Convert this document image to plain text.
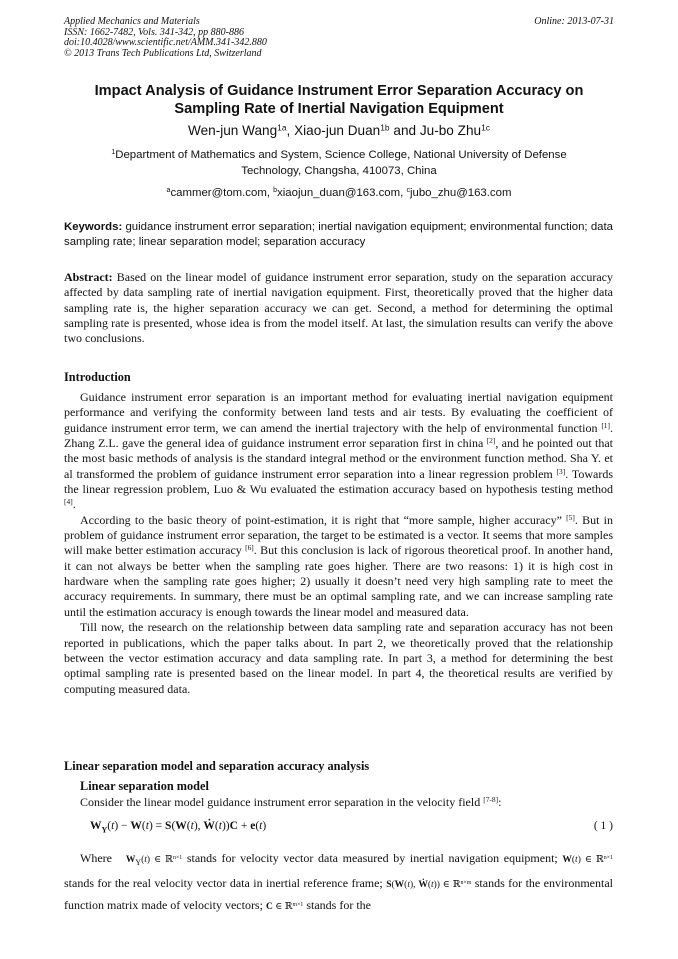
Applied Mechanics and Materials
ISSN: 1662-7482, Vols. 341-342, pp 880-886
doi:10.4028/www.scientific.net/AMM.341-342.880
© 2013 Trans Tech Publications Ltd, Switzerland
Online: 2013-07-31
Impact Analysis of Guidance Instrument Error Separation Accuracy on
Sampling Rate of Inertial Navigation Equipment
Wen-jun Wang$^{1a}$, Xiao-jun Duan$^{1b}$ and Ju-bo Zhu$^{1c}$
$^1$Department of Mathematics and System, Science College, National University of Defense
Technology, Changsha, 410073, China
$^a$cammer@tom.com, $^b$xiaojun_duan@163.com, $^c$jubo_zhu@163.com
Keywords: guidance instrument error separation; inertial navigation equipment; environmental function; data sampling rate; linear separation model; separation accuracy
Abstract: Based on the linear model of guidance instrument error separation, study on the separation accuracy affected by data sampling rate of inertial navigation equipment. First, theoretically proved that the higher data sampling rate is, the higher separation accuracy we can get. Second, a method for determining the optimal sampling rate is presented, whose idea is from the model itself. At last, the simulation results can verify the above two conclusions.
Introduction

Guidance instrument error separation is an important method for evaluating inertial navigation equipment performance and verifying the conformity between land tests and air tests. By evaluating the coefficient of guidance instrument error term, we can amend the inertial trajectory with the help of environmental function [1]. Zhang Z.L. gave the general idea of guidance instrument error separation first in china [2], and he pointed out that the most basic methods of analysis is the standard integral method or the environment function method. Sha Y. et al transformed the problem of guidance instrument error separation into a linear regression problem [3]. Towards the linear regression problem, Luo & Wu evaluated the estimation accuracy based on hypothesis testing method [4].

According to the basic theory of point-estimation, it is right that “more sample, higher accuracy” [5]. But in problem of guidance instrument error separation, the target to be estimated is a vector. It seems that more samples will make better estimation accuracy [6]. But this conclusion is lack of rigorous theoretical proof. In another hand, it can not always be better when the sampling rate goes higher. There are two reasons: 1) it is high cost in hardware when the sampling rate goes higher; 2) usually it doesn’t need very high sampling rate to meet the accuracy requirements. In summary, there must be an optimal sampling rate, and we can increase sampling rate until the estimation accuracy is enough towards the linear model and measured data.

Till now, the research on the relationship between data sampling rate and separation accuracy has not been reported in publications, which the paper talks about. In part 2, we theoretically proved that the relationship between the vector estimation accuracy and data sampling rate. In part 3, a method for determining the best optimal sampling rate is presented based on the linear model. In part 4, the theoretical results are verified by computing measured data.

Linear separation model and separation accuracy analysis
Linear separation model
Consider the linear model guidance instrument error separation in the velocity field [7-8]:
$W_Y(t) - W(t) = S(W(t)$, Ẇ(t))C + e(t)	( 1 )
Where $W_Y(t)$ ∈ ℝ$^{n\times 1}$ stands for velocity vector data measured by inertial navigation equipment; W(t) ∈ ℝ$^{n\times 1}$ stands for the real velocity vector data in inertial reference frame; S(W(t), Ẇ(t)) ∈ ℝ$^{n\times m}$ stands for the environmental function matrix made of velocity vectors; C ∈ ℝ$^{m\times 1}$ stands for the
